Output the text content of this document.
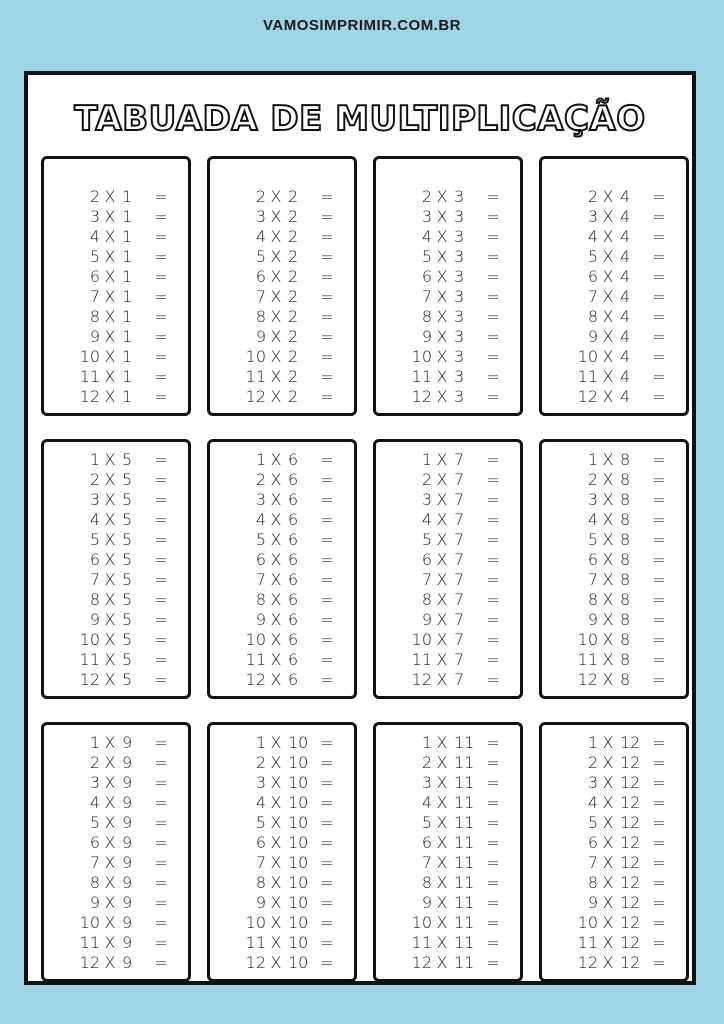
VAMOSIMPRIMIR.COM.BR
TABUADA DE MULTIPLICAÇÃO
2 X 1	=
3 X 1	=
4 X 1	=
5 X 1	=
6 X 1	=
7 X 1	=
8 X 1	=
9 X 1	=
10 X 1	=
11 X 1	=
12 X 1	=
2 X 2	=
3 X 2	=
4 X 2	=
5 X 2	=
6 X 2	=
7 X 2	=
8 X 2	=
9 X 2	=
10 X 2	=
11 X 2	=
12 X 2	=
2 X 3	=
3 X 3	=
4 X 3	=
5 X 3	=
6 X 3	=
7 X 3	=
8 X 3	=
9 X 3	=
10 X 3	=
11 X 3	=
12 X 3	=
2 X 4	=
3 X 4	=
4 X 4	=
5 X 4	=
6 X 4	=
7 X 4	=
8 X 4	=
9 X 4	=
10 X 4	=
11 X 4	=
12 X 4	=
1 X 5	=
2 X 5	=
3 X 5	=
4 X 5	=
5 X 5	=
6 X 5	=
7 X 5	=
8 X 5	=
9 X 5	=
10 X 5	=
11 X 5	=
12 X 5	=
1 X 6	=
2 X 6	=
3 X 6	=
4 X 6	=
5 X 6	=
6 X 6	=
7 X 6	=
8 X 6	=
9 X 6	=
10 X 6	=
11 X 6	=
12 X 6	=
1 X 7	=
2 X 7	=
3 X 7	=
4 X 7	=
5 X 7	=
6 X 7	=
7 X 7	=
8 X 7	=
9 X 7	=
10 X 7	=
11 X 7	=
12 X 7	=
1 X 8	=
2 X 8	=
3 X 8	=
4 X 8	=
5 X 8	=
6 X 8	=
7 X 8	=
8 X 8	=
9 X 8	=
10 X 8	=
11 X 8	=
12 X 8	=
1 X 9	=
2 X 9	=
3 X 9	=
4 X 9	=
5 X 9	=
6 X 9	=
7 X 9	=
8 X 9	=
9 X 9	=
10 X 9	=
11 X 9	=
12 X 9	=
1 X 10 =
2 X 10 =
3 X 10 =
4 X 10 =
5 X 10 =
6 X 10 =
7 X 10 =
8 X 10 =
9 X 10 =
10 X 10 =
11 X 10 =
12 X 10 =
1 X 11 =
2 X 11 =
3 X 11 =
4 X 11 =
5 X 11 =
6 X 11 =
7 X 11 =
8 X 11 =
9 X 11 =
10 X 11 =
11 X 11 =
12 X 11 =
1 X 12 =
2 X 12 =
3 X 12 =
4 X 12 =
5 X 12 =
6 X 12 =
7 X 12 =
8 X 12 =
9 X 12 =
10 X 12 =
11 X 12 =
12 X 12 =
